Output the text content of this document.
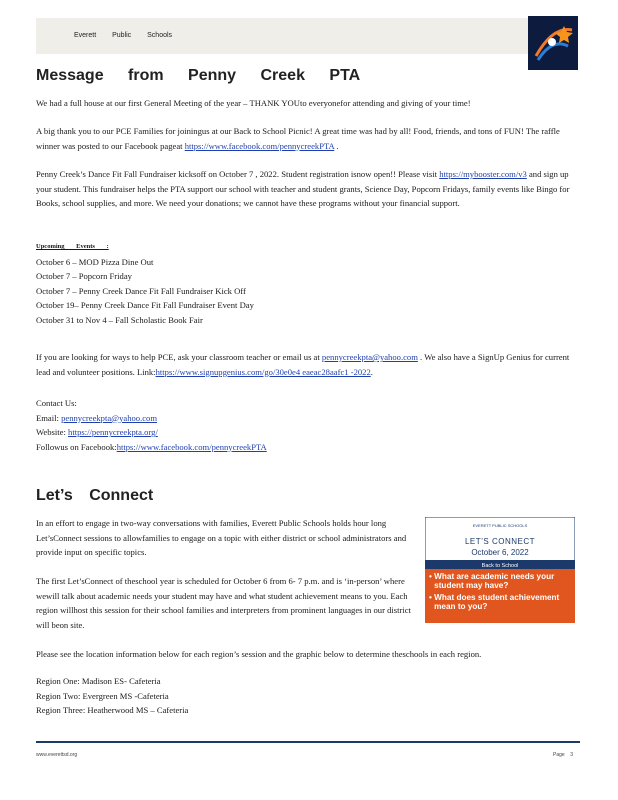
Everett Public Schools
Message from Penny Creek PTA

We had a full house at our first General Meeting of the year – THANK YOUto everyonefor attending and giving of your time!

A big thank you to our PCE Families for joiningus at our Back to School Picnic! A great time was had by all! Food, friends, and tons of FUN! The raffle winner was posted to our Facebook pageat https://www.facebook.com/pennycreekPTA .

Penny Creek’s Dance Fit Fall Fundraiser kicksoff on October 7 , 2022. Student registration isnow open!! Please visit https://mybooster.com/v3 and sign up your student. This fundraiser helps the PTA support our school with teacher and student grants, Science Day, Popcorn Fridays, family events like Bingo for Books, school supplies, and more. We need your donations; we cannot have these programs without your financial support.

Upcoming Events :
October 6 – MOD Pizza Dine Out
October 7 – Popcorn Friday
October 7 – Penny Creek Dance Fit Fall Fundraiser Kick Off
October 19– Penny Creek Dance Fit Fall Fundraiser Event Day
October 31 to Nov 4 – Fall Scholastic Book Fair

If you are looking for ways to help PCE, ask your classroom teacher or email us at pennycreekpta@yahoo.com . We also have a SignUp Genius for current lead and volunteer positions. Link:https://www.signupgenius.com/go/30e0e4 eaeac28aafc1 -2022.

Contact Us:
Email: pennycreekpta@yahoo.com
Website: https://pennycreekpta.org/
Followus on Facebook:https://www.facebook.com/pennycreekPTA
Let’s Connect

In an effort to engage in two-way conversations with families, Everett Public Schools holds hour long Let’sConnect sessions to allowfamilies to engage on a topic with either district or school administrators and provide input on specific topics.

The first Let’sConnect of theschool year is scheduled for October 6 from 6- 7 p.m. and is ‘in-person’ where wewill talk about academic needs your student may have and what student achievement means to you. Each region willhost this session for their school families and interpreters from prominent languages in our district will beon site.

Please see the location information below for each region’s session and the graphic below to determine theschools in each region.

Region One: Madison ES- Cafeteria
Region Two: Evergreen MS -Cafeteria
Region Three: Heatherwood MS – Cafeteria
EVERETT PUBLIC SCHOOLS
LET’S CONNECT
October 6, 2022
Back to School
• What are academic needs your student may have?
• What does student achievement mean to you?
www.everettsd.org	Page 3
